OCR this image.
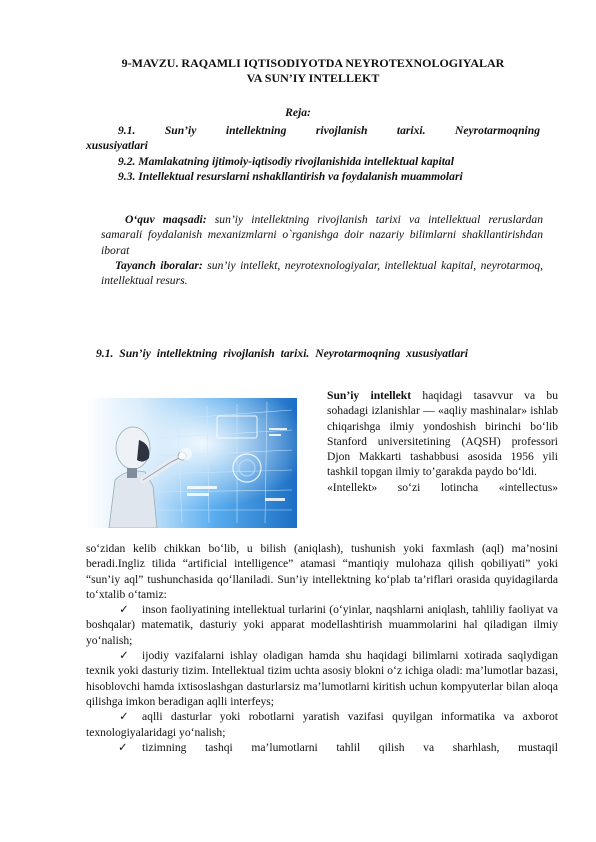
9-MAVZU. RAQAMLI IQTISODIYOTDA NEYROTEXNOLOGIYALAR
VA SUN’IY INTELLEKT
Reja:

9.1. Sun’iy intellektning rivojlanish tarixi. Neyrotarmoqning

xususiyatlari

9.2. Mamlakatning ijtimoiy-iqtisodiy rivojlanishida intellektual kapital

9.3. Intellektual resurslarni nshakllantirish va foydalanish muammolari

O‘quv maqsadi: sun’iy intellektning rivojlanish tarixi va intellektual reruslardan samarali foydalanish mexanizmlarni o`rganishga doir nazariy bilimlarni shakllantirishdan iborat

Tayanch iboralar: sun’iy intellekt, neyrotexnologiyalar, intellektual kapital, neyrotarmoq, intellektual resurs.

9.1. Sun’iy intellektning rivojlanish tarixi. Neyrotarmoqning xususiyatlari

Sun’iy intellekt haqidagi tasavvur va bu sohadagi izlanishlar — «aqliy mashinalar» ishlab chiqarishga ilmiy yondoshish birinchi bo‘lib Stanford universitetining (AQSH) professori Djon Makkarti tashabbusi asosida 1956 yili tashkil topgan ilmiy to’garakda paydo bo‘ldi.

«Intellekt» so‘zi lotincha «intellectus»

so‘zidan kelib chikkan bo‘lib, u bilish (aniqlash), tushunish yoki faxmlash (aql) ma’nosini beradi.Ingliz tilida “artificial intelligence” atamasi “mantiqiy mulohaza qilish qobiliyati” yoki “sun’iy aql” tushunchasida qo‘llaniladi. Sun’iy intellektning ko‘plab ta’riflari orasida quyidagilarda to‘xtalib o‘tamiz:

✓ inson faoliyatining intellektual turlarini (o‘yinlar, naqshlarni aniqlash, tahliliy faoliyat va boshqalar) matematik, dasturiy yoki apparat modellashtirish muammolarini hal qiladigan ilmiy yo‘nalish;

✓ ijodiy vazifalarni ishlay oladigan hamda shu haqidagi bilimlarni xotirada saqlydigan texnik yoki dasturiy tizim. Intellektual tizim uchta asosiy blokni o‘z ichiga oladi: ma’lumotlar bazasi, hisoblovchi hamda ixtisoslashgan dasturlarsiz ma’lumotlarni kiritish uchun kompyuterlar bilan aloqa qilishga imkon beradigan aqlli interfeys;

✓ aqlli dasturlar yoki robotlarni yaratish vazifasi quyilgan informatika va axborot texnologiyalaridagi yo‘nalish;

✓ tizimning tashqi ma’lumotlarni tahlil qilish va sharhlash, mustaqil
